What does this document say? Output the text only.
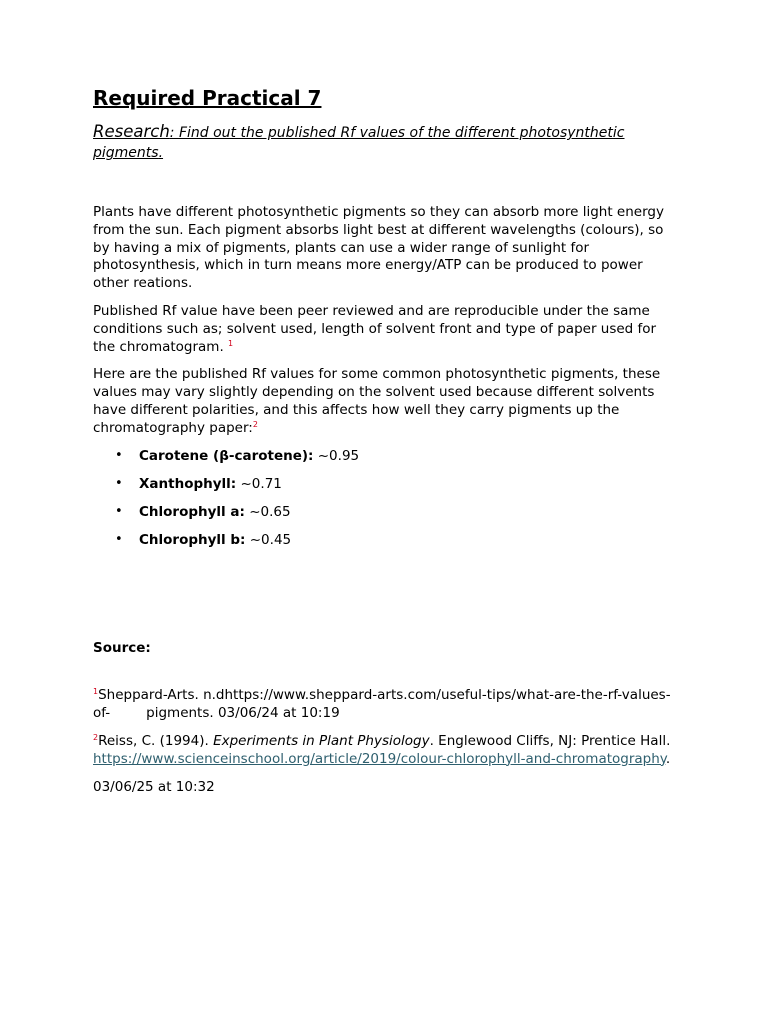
Required Practical 7
Research: Find out the published Rf values of the different photosynthetic pigments.

Plants have different photosynthetic pigments so they can absorb more light energy from the sun. Each pigment absorbs light best at different wavelengths (colours), so by having a mix of pigments, plants can use a wider range of sunlight for photosynthesis, which in turn means more energy/ATP can be produced to power other reations.

Published Rf value have been peer reviewed and are reproducible under the same conditions such as; solvent used, length of solvent front and type of paper used for the chromatogram. $^1$

Here are the published Rf values for some common photosynthetic pigments, these values may vary slightly depending on the solvent used because different solvents have different polarities, and this affects how well they carry pigments up the chromatography paper:$^2$

• Carotene (β-carotene): ~0.95
• Xanthophyll: ~0.71
• Chlorophyll a: ~0.65
• Chlorophyll b: ~0.45
Source:

$^1$Sheppard-Arts. n.dhttps://www.sheppard-arts.com/useful-tips/what-are-the-rf-values-of-	pigments. 03/06/24 at 10:19

$^2$Reiss, C. (1994). Experiments in Plant Physiology. Englewood Cliffs, NJ: Prentice Hall. https://www.scienceinschool.org/article/2019/colour-chlorophyll-and-chromatography.

03/06/25 at 10:32
